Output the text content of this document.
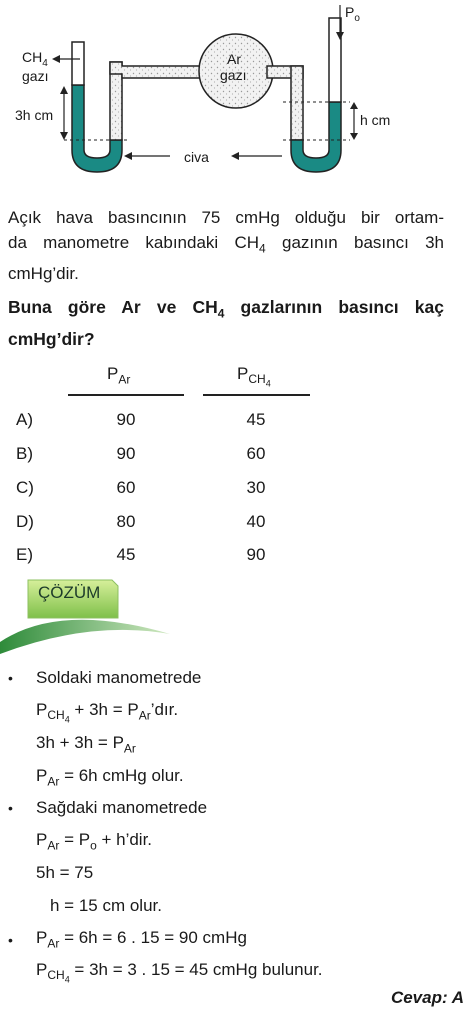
$CH_4$
gazı
3h cm
Ar
gazı
$P_o$
h cm
civa
Açık hava basıncının 75 cmHg olduğu bir ortam-
da manometre kabındaki $CH_4$ gazının basıncı 3h
cmHg’dir.
Buna göre Ar ve $CH_4$ gazlarının basıncı kaç
cmHg’dir?
$P_{Ar}$	$P_{CH_4}$
A)	90	45
B)	90	60
C)	60	30
D)	80	40
E)	45	90
ÇÖZÜM
• Soldaki manometrede
$P_{CH_4} + 3h$ = $P_{Ar}’dır$.
$3h + 3h = P_{Ar}$
$P_{Ar} = 6h$ cmHg olur.
• Sağdaki manometrede
$P_{Ar} = P_o$ + h’dir.
5h = 75
h = 15 cm olur.
• $P_{Ar} = 6h = 6$ . 15 = 90 cmHg
$P_{CH_4} = 3h = 3$ . 15 = 45 cmHg bulunur.
Cevap: A
